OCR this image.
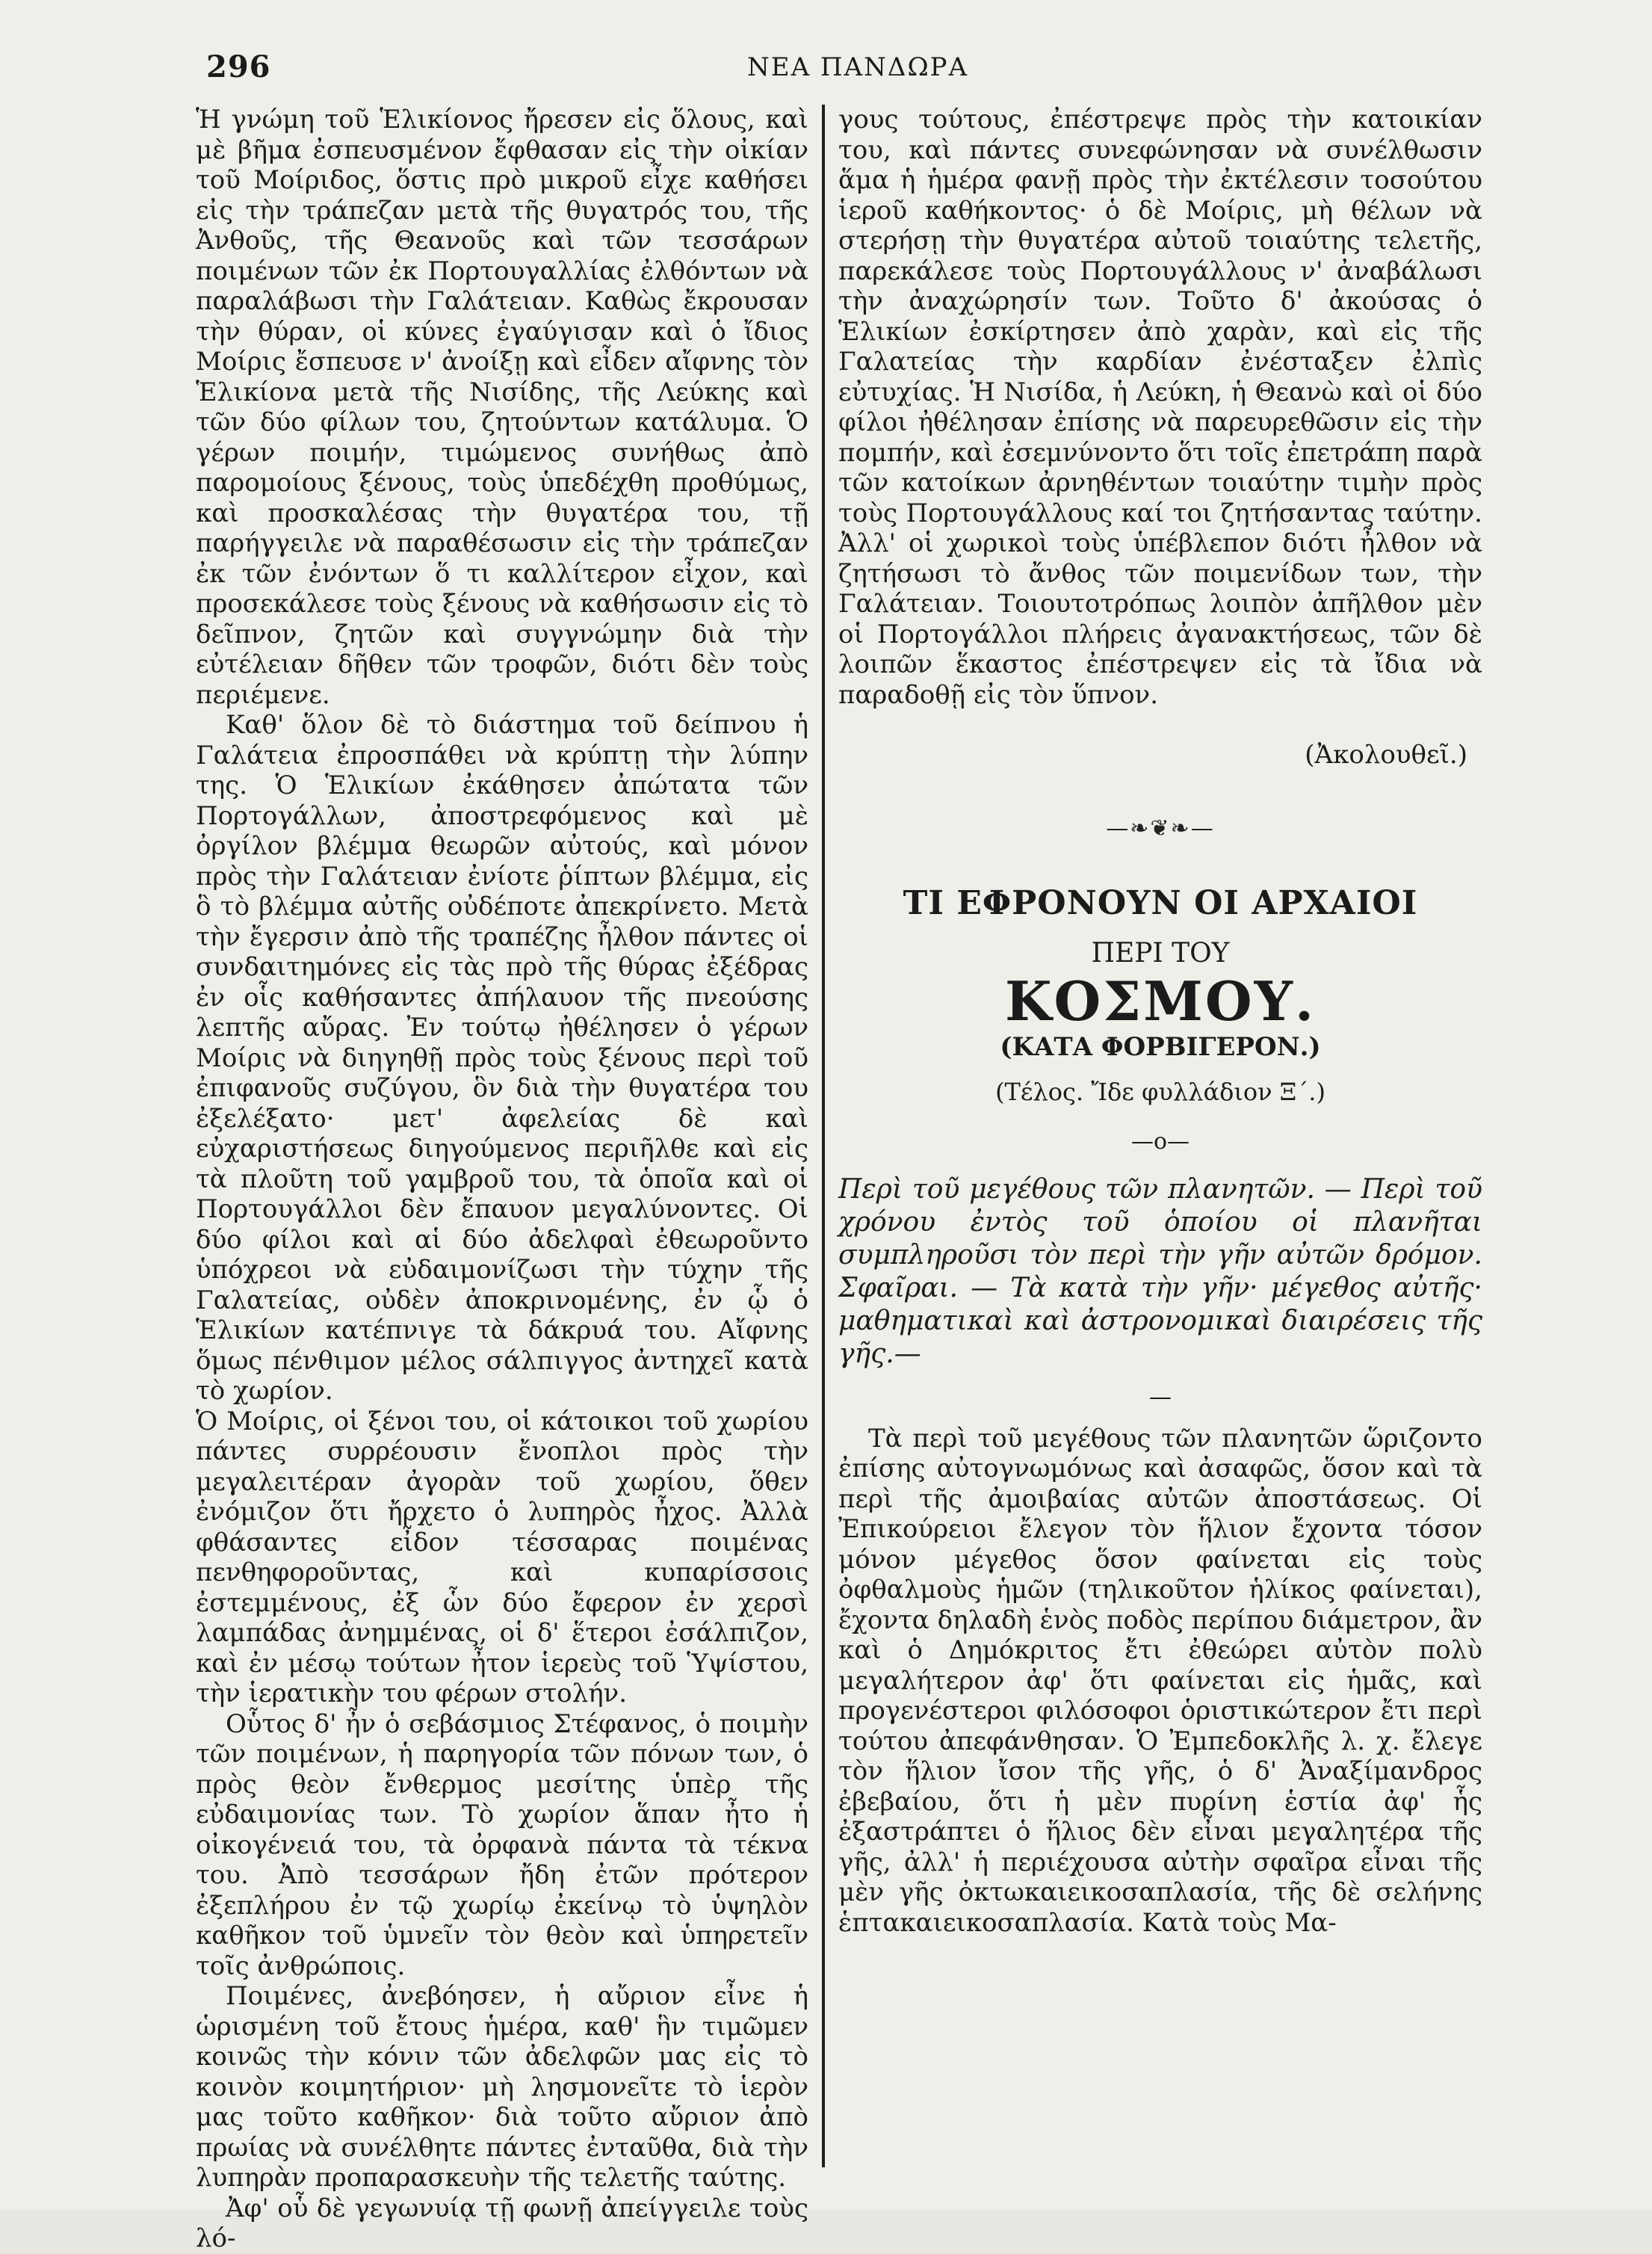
296	ΝΕΑ ΠΑΝΔΩΡΑ

Ἡ γνώμη τοῦ Ἑλικίονος ἤρεσεν εἰς ὅλους, καὶ μὲ βῆμα ἐσπευσμένον ἔφθασαν εἰς τὴν οἰκίαν τοῦ Μοίριδος, ὅστις πρὸ μικροῦ εἶχε καθήσει εἰς τὴν τράπεζαν μετὰ τῆς θυγατρός του, τῆς Ἀνθοῦς, τῆς Θεανοῦς καὶ τῶν τεσσάρων ποιμένων τῶν ἐκ Πορτουγαλλίας ἐλθόντων νὰ παραλάβωσι τὴν Γαλάτειαν. Καθὼς ἔκρουσαν τὴν θύραν, οἱ κύνες ἐγαύγισαν καὶ ὁ ἴδιος Μοίρις ἔσπευσε ν' ἀνοίξῃ καὶ εἶδεν αἴφνης τὸν Ἑλικίονα μετὰ τῆς Νισίδης, τῆς Λεύκης καὶ τῶν δύο φίλων του, ζητούντων κατάλυμα. Ὁ γέρων ποιμήν, τιμώμενος συνήθως ἀπὸ παρομοίους ξένους, τοὺς ὑπεδέχθη προθύμως, καὶ προσκαλέσας τὴν θυγατέρα του, τῇ παρήγγειλε νὰ παραθέσωσιν εἰς τὴν τράπεζαν ἐκ τῶν ἐνόντων ὅ τι καλλίτερον εἶχον, καὶ προσεκάλεσε τοὺς ξένους νὰ καθήσωσιν εἰς τὸ δεῖπνον, ζητῶν καὶ συγγνώμην διὰ τὴν εὐτέλειαν δῆθεν τῶν τροφῶν, διότι δὲν τοὺς περιέμενε.

Καθ' ὅλον δὲ τὸ διάστημα τοῦ δείπνου ἡ Γαλάτεια ἐπροσπάθει νὰ κρύπτῃ τὴν λύπην της. Ὁ Ἑλικίων ἐκάθησεν ἀπώτατα τῶν Πορτογάλλων, ἀποστρεφόμενος καὶ μὲ ὀργίλον βλέμμα θεωρῶν αὐτούς, καὶ μόνον πρὸς τὴν Γαλάτειαν ἐνίοτε ῥίπτων βλέμμα, εἰς ὃ τὸ βλέμμα αὐτῆς οὐδέποτε ἀπεκρίνετο. Μετὰ τὴν ἔγερσιν ἀπὸ τῆς τραπέζης ἦλθον πάντες οἱ συνδαιτημόνες εἰς τὰς πρὸ τῆς θύρας ἐξέδρας ἐν οἷς καθήσαντες ἀπήλαυον τῆς πνεούσης λεπτῆς αὔρας. Ἐν τούτῳ ἠθέλησεν ὁ γέρων Μοίρις νὰ διηγηθῇ πρὸς τοὺς ξένους περὶ τοῦ ἐπιφανοῦς συζύγου, ὃν διὰ τὴν θυγατέρα του ἐξελέξατο· μετ' ἀφελείας δὲ καὶ εὐχαριστήσεως διηγούμενος περιῆλθε καὶ εἰς τὰ πλοῦτη τοῦ γαμβροῦ του, τὰ ὁποῖα καὶ οἱ Πορτουγάλλοι δὲν ἔπαυον μεγαλύνοντες. Οἱ δύο φίλοι καὶ αἱ δύο ἀδελφαὶ ἐθεωροῦντο ὑπόχρεοι νὰ εὐδαιμονίζωσι τὴν τύχην τῆς Γαλατείας, οὐδὲν ἀποκρινομένης, ἐν ᾧ ὁ Ἑλικίων κατέπνιγε τὰ δάκρυά του. Αἴφνης ὅμως πένθιμον μέλος σάλπιγγος ἀντηχεῖ κατὰ τὸ χωρίον.

Ὁ Μοίρις, οἱ ξένοι του, οἱ κάτοικοι τοῦ χωρίου πάντες συρρέουσιν ἔνοπλοι πρὸς τὴν μεγαλειτέραν ἀγορὰν τοῦ χωρίου, ὅθεν ἐνόμιζον ὅτι ἤρχετο ὁ λυπηρὸς ἦχος. Ἀλλὰ φθάσαντες εἶδον τέσσαρας ποιμένας πενθηφοροῦντας, καὶ κυπαρίσσοις ἐστεμμένους, ἐξ ὧν δύο ἔφερον ἐν χερσὶ λαμπάδας ἀνημμένας, οἱ δ' ἕτεροι ἐσάλπιζον, καὶ ἐν μέσῳ τούτων ἦτον ἱερεὺς τοῦ Ὑψίστου, τὴν ἱερατικὴν του φέρων στολήν.

Οὗτος δ' ἦν ὁ σεβάσμιος Στέφανος, ὁ ποιμὴν τῶν ποιμένων, ἡ παρηγορία τῶν πόνων των, ὁ πρὸς θεὸν ἔνθερμος μεσίτης ὑπὲρ τῆς εὐδαιμονίας των. Τὸ χωρίον ἅπαν ἦτο ἡ οἰκογένειά του, τὰ ὀρφανὰ πάντα τὰ τέκνα του. Ἀπὸ τεσσάρων ἤδη ἐτῶν πρότερον ἐξεπλήρου ἐν τῷ χωρίῳ ἐκείνῳ τὸ ὑψηλὸν καθῆκον τοῦ ὑμνεῖν τὸν θεὸν καὶ ὑπηρετεῖν τοῖς ἀνθρώποις.

Ποιμένες, ἀνεβόησεν, ἡ αὔριον εἶνε ἡ ὡρισμένη τοῦ ἔτους ἡμέρα, καθ' ἣν τιμῶμεν κοινῶς τὴν κόνιν τῶν ἀδελφῶν μας εἰς τὸ κοινὸν κοιμητήριον· μὴ λησμονεῖτε τὸ ἱερὸν μας τοῦτο καθῆκον· διὰ τοῦτο αὔριον ἀπὸ πρωίας νὰ συνέλθητε πάντες ἐνταῦθα, διὰ τὴν λυπηρὰν προπαρασκευὴν τῆς τελετῆς ταύτης.

Ἀφ' οὗ δὲ γεγωνυίᾳ τῇ φωνῇ ἀπείγγειλε τοὺς λό-

γους τούτους, ἐπέστρεψε πρὸς τὴν κατοικίαν του, καὶ πάντες συνεφώνησαν νὰ συνέλθωσιν ἅμα ἡ ἡμέρα φανῇ πρὸς τὴν ἐκτέλεσιν τοσούτου ἱεροῦ καθήκοντος· ὁ δὲ Μοίρις, μὴ θέλων νὰ στερήσῃ τὴν θυγατέρα αὐτοῦ τοιαύτης τελετῆς, παρεκάλεσε τοὺς Πορτουγάλλους ν' ἀναβάλωσι τὴν ἀναχώρησίν των. Τοῦτο δ' ἀκούσας ὁ Ἑλικίων ἐσκίρτησεν ἀπὸ χαρὰν, καὶ εἰς τῆς Γαλατείας τὴν καρδίαν ἐνέσταξεν ἐλπὶς εὐτυχίας. Ἡ Νισίδα, ἡ Λεύκη, ἡ Θεανὼ καὶ οἱ δύο φίλοι ἠθέλησαν ἐπίσης νὰ παρευρεθῶσιν εἰς τὴν πομπήν, καὶ ἐσεμνύνοντο ὅτι τοῖς ἐπετράπη παρὰ τῶν κατοίκων ἀρνηθέντων τοιαύτην τιμὴν πρὸς τοὺς Πορτουγάλλους καί τοι ζητήσαντας ταύτην. Ἀλλ' οἱ χωρικοὶ τοὺς ὑπέβλεπον διότι ἦλθον νὰ ζητήσωσι τὸ ἄνθος τῶν ποιμενίδων των, τὴν Γαλάτειαν. Τοιουτοτρόπως λοιπὸν ἀπῆλθον μὲν οἱ Πορτογάλλοι πλήρεις ἀγανακτήσεως, τῶν δὲ λοιπῶν ἕκαστος ἐπέστρεψεν εἰς τὰ ἴδια νὰ παραδοθῇ εἰς τὸν ὕπνον.

(Ἀκολουθεῖ.)
—❧❦❧—
ΤΙ ΕΦΡΟΝΟΥΝ ΟΙ ΑΡΧΑΙΟΙ
ΠΕΡΙ ΤΟΥ
ΚΟΣΜΟΥ.
(ΚΑΤΑ ΦΟΡΒΙΓΕΡΟΝ.)
(Τέλος. Ἴδε φυλλάδιον Ξ΄.)
—o—

Περὶ τοῦ μεγέθους τῶν πλανητῶν. — Περὶ τοῦ χρόνου ἐντὸς τοῦ ὁποίου οἱ πλανῆται συμπληροῦσι τὸν περὶ τὴν γῆν αὐτῶν δρόμον. Σφαῖραι. — Τὰ κατὰ τὴν γῆν· μέγεθος αὐτῆς· μαθηματικαὶ καὶ ἀστρονομικαὶ διαιρέσεις τῆς γῆς.—

—

Τὰ περὶ τοῦ μεγέθους τῶν πλανητῶν ὥριζοντο ἐπίσης αὐτογνωμόνως καὶ ἀσαφῶς, ὅσον καὶ τὰ περὶ τῆς ἀμοιβαίας αὐτῶν ἀποστάσεως. Οἱ Ἐπικούρειοι ἔλεγον τὸν ἥλιον ἔχοντα τόσον μόνον μέγεθος ὅσον φαίνεται εἰς τοὺς ὀφθαλμοὺς ἡμῶν (τηλικοῦτον ἡλίκος φαίνεται), ἔχοντα δηλαδὴ ἑνὸς ποδὸς περίπου διάμετρον, ἂν καὶ ὁ Δημόκριτος ἔτι ἐθεώρει αὐτὸν πολὺ μεγαλήτερον ἀφ' ὅτι φαίνεται εἰς ἡμᾶς, καὶ προγενέστεροι φιλόσοφοι ὁριστικώτερον ἔτι περὶ τούτου ἀπεφάνθησαν. Ὁ Ἐμπεδοκλῆς λ. χ. ἔλεγε τὸν ἥλιον ἴσον τῆς γῆς, ὁ δ' Ἀναξίμανδρος ἐβεβαίου, ὅτι ἡ μὲν πυρίνη ἑστία ἀφ' ἧς ἐξαστράπτει ὁ ἥλιος δὲν εἶναι μεγαλητέρα τῆς γῆς, ἀλλ' ἡ περιέχουσα αὐτὴν σφαῖρα εἶναι τῆς μὲν γῆς ὀκτωκαιεικοσαπλασία, τῆς δὲ σελήνης ἑπτακαιεικοσαπλασία. Κατὰ τοὺς Μα-
